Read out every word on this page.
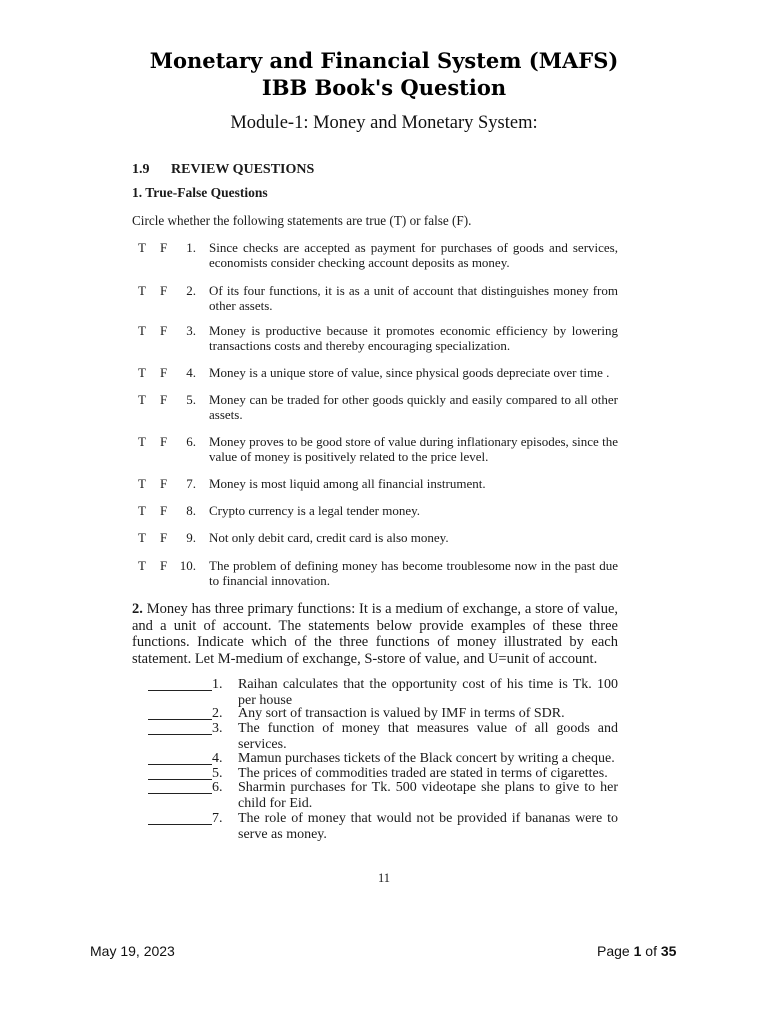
Monetary and Financial System (MAFS)
IBB Book's Question
Module-1: Money and Monetary System:
1.9 REVIEW QUESTIONS
1. True-False Questions
Circle whether the following statements are true (T) or false (F).
T F	1. Since checks are accepted as payment for purchases of goods and services, economists consider checking account deposits as money.
T F	2. Of its four functions, it is as a unit of account that distinguishes money from other assets.
T F	3. Money is productive because it promotes economic efficiency by lowering transactions costs and thereby encouraging specialization.
T F	4. Money is a unique store of value, since physical goods depreciate over time .
T F	5. Money can be traded for other goods quickly and easily compared to all other assets.
T F	6. Money proves to be good store of value during inflationary episodes, since the value of money is positively related to the price level.
T F	7. Money is most liquid among all financial instrument.
T F	8. Crypto currency is a legal tender money.
T F	9. Not only debit card, credit card is also money.
T F 10. The problem of defining money has become troublesome now in the past due to financial innovation.
2. Money has three primary functions: It is a medium of exchange, a store of value, and a unit of account. The statements below provide examples of these three functions. Indicate which of the three functions of money illustrated by each statement. Let M-medium of exchange, S-store of value, and U=unit of account.

1. Raihan calculates that the opportunity cost of his time is Tk. 100 per house

2. Any sort of transaction is valued by IMF in terms of SDR.

3. The function of money that measures value of all goods and services.

4. Mamun purchases tickets of the Black concert by writing a cheque.

5. The prices of commodities traded are stated in terms of cigarettes.

6. Sharmin purchases for Tk. 500 videotape she plans to give to her child for Eid.

7. The role of money that would not be provided if bananas were to serve as money.
11
May 19, 2023	Page 1 of 35
